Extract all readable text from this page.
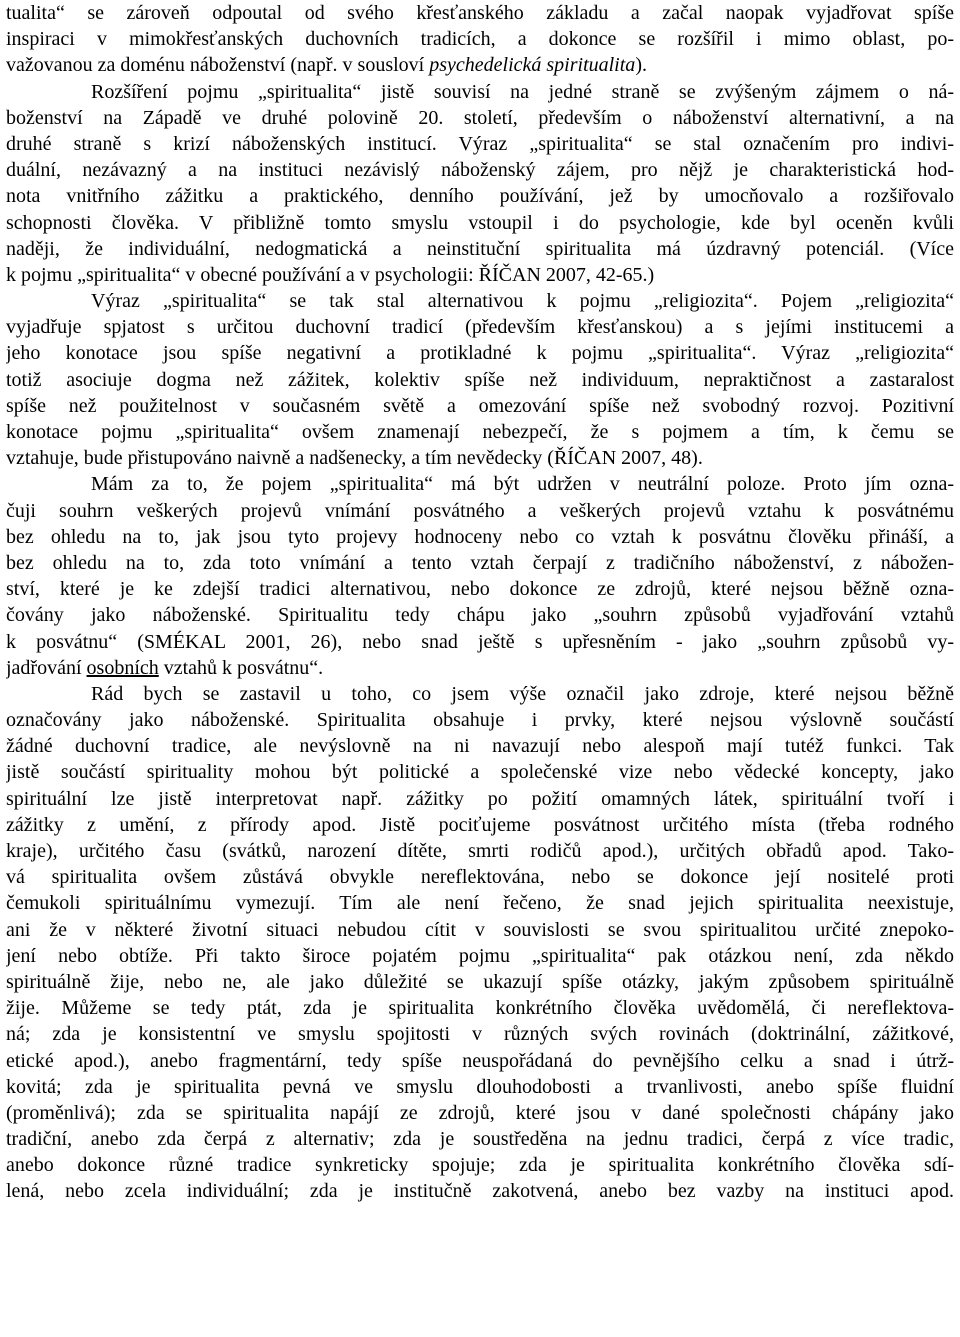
tualita“ se zároveň odpoutal od svého křesťanského základu a začal naopak vyjadřovat spíše
inspiraci v mimokřesťanských duchovních tradicích, a dokonce se rozšířil i mimo oblast, po-
važovanou za doménu náboženství (např. v sousloví psychedelická spiritualita).
Rozšíření pojmu „spiritualita“ jistě souvisí na jedné straně se zvýšeným zájmem o ná-
boženství na Západě ve druhé polovině 20. století, především o náboženství alternativní, a na
druhé straně s krizí náboženských institucí. Výraz „spiritualita“ se stal označením pro indivi-
duální, nezávazný a na instituci nezávislý náboženský zájem, pro nějž je charakteristická hod-
nota vnitřního zážitku a praktického, denního používání, jež by umocňovalo a rozšiřovalo
schopnosti člověka. V přibližně tomto smyslu vstoupil i do psychologie, kde byl oceněn kvůli
naději, že individuální, nedogmatická a neinstituční spiritualita má úzdravný potenciál. (Více
k pojmu „spiritualita“ v obecné používání a v psychologii: ŘÍČAN 2007, 42-65.)
Výraz „spiritualita“ se tak stal alternativou k pojmu „religiozita“. Pojem „religiozita“
vyjadřuje spjatost s určitou duchovní tradicí (především křesťanskou) a s jejími institucemi a
jeho konotace jsou spíše negativní a protikladné k pojmu „spiritualita“. Výraz „religiozita“
totiž asociuje dogma než zážitek, kolektiv spíše než individuum, nepraktičnost a zastaralost
spíše než použitelnost v současném světě a omezování spíše než svobodný rozvoj. Pozitivní
konotace pojmu „spiritualita“ ovšem znamenají nebezpečí, že s pojmem a tím, k čemu se
vztahuje, bude přistupováno naivně a nadšenecky, a tím nevědecky (ŘÍČAN 2007, 48).
Mám za to, že pojem „spiritualita“ má být udržen v neutrální poloze. Proto jím ozna-
čuji souhrn veškerých projevů vnímání posvátného a veškerých projevů vztahu k posvátnému
bez ohledu na to, jak jsou tyto projevy hodnoceny nebo co vztah k posvátnu člověku přináší, a
bez ohledu na to, zda toto vnímání a tento vztah čerpají z tradičního náboženství, z nábožen-
ství, které je ke zdejší tradici alternativou, nebo dokonce ze zdrojů, které nejsou běžně ozna-
čovány jako náboženské. Spiritualitu tedy chápu jako „souhrn způsobů vyjadřování vztahů
k posvátnu“ (SMÉKAL 2001, 26), nebo snad ještě s upřesněním - jako „souhrn způsobů vy-
jadřování osobních vztahů k posvátnu“.
Rád bych se zastavil u toho, co jsem výše označil jako zdroje, které nejsou běžně
označovány jako náboženské. Spiritualita obsahuje i prvky, které nejsou výslovně součástí
žádné duchovní tradice, ale nevýslovně na ni navazují nebo alespoň mají tutéž funkci. Tak
jistě součástí spirituality mohou být politické a společenské vize nebo vědecké koncepty, jako
spirituální lze jistě interpretovat např. zážitky po požití omamných látek, spirituální tvoří i
zážitky z umění, z přírody apod. Jistě pociťujeme posvátnost určitého místa (třeba rodného
kraje), určitého času (svátků, narození dítěte, smrti rodičů apod.), určitých obřadů apod. Tako-
vá spiritualita ovšem zůstává obvykle nereflektována, nebo se dokonce její nositelé proti
čemukoli spirituálnímu vymezují. Tím ale není řečeno, že snad jejich spiritualita neexistuje,
ani že v některé životní situaci nebudou cítit v souvislosti se svou spiritualitou určité znepoko-
jení nebo obtíže. Při takto široce pojatém pojmu „spiritualita“ pak otázkou není, zda někdo
spirituálně žije, nebo ne, ale jako důležité se ukazují spíše otázky, jakým způsobem spirituálně
žije. Můžeme se tedy ptát, zda je spiritualita konkrétního člověka uvědomělá, či nereflektova-
ná; zda je konsistentní ve smyslu spojitosti v různých svých rovinách (doktrinální, zážitkové,
etické apod.), anebo fragmentární, tedy spíše neuspořádaná do pevnějšího celku a snad i útrž-
kovitá; zda je spiritualita pevná ve smyslu dlouhodobosti a trvanlivosti, anebo spíše fluidní
(proměnlivá); zda se spiritualita napájí ze zdrojů, které jsou v dané společnosti chápány jako
tradiční, anebo zda čerpá z alternativ; zda je soustředěna na jednu tradici, čerpá z více tradic,
anebo dokonce různé tradice synkreticky spojuje; zda je spiritualita konkrétního člověka sdí-
lená, nebo zcela individuální; zda je institučně zakotvená, anebo bez vazby na instituci apod.
